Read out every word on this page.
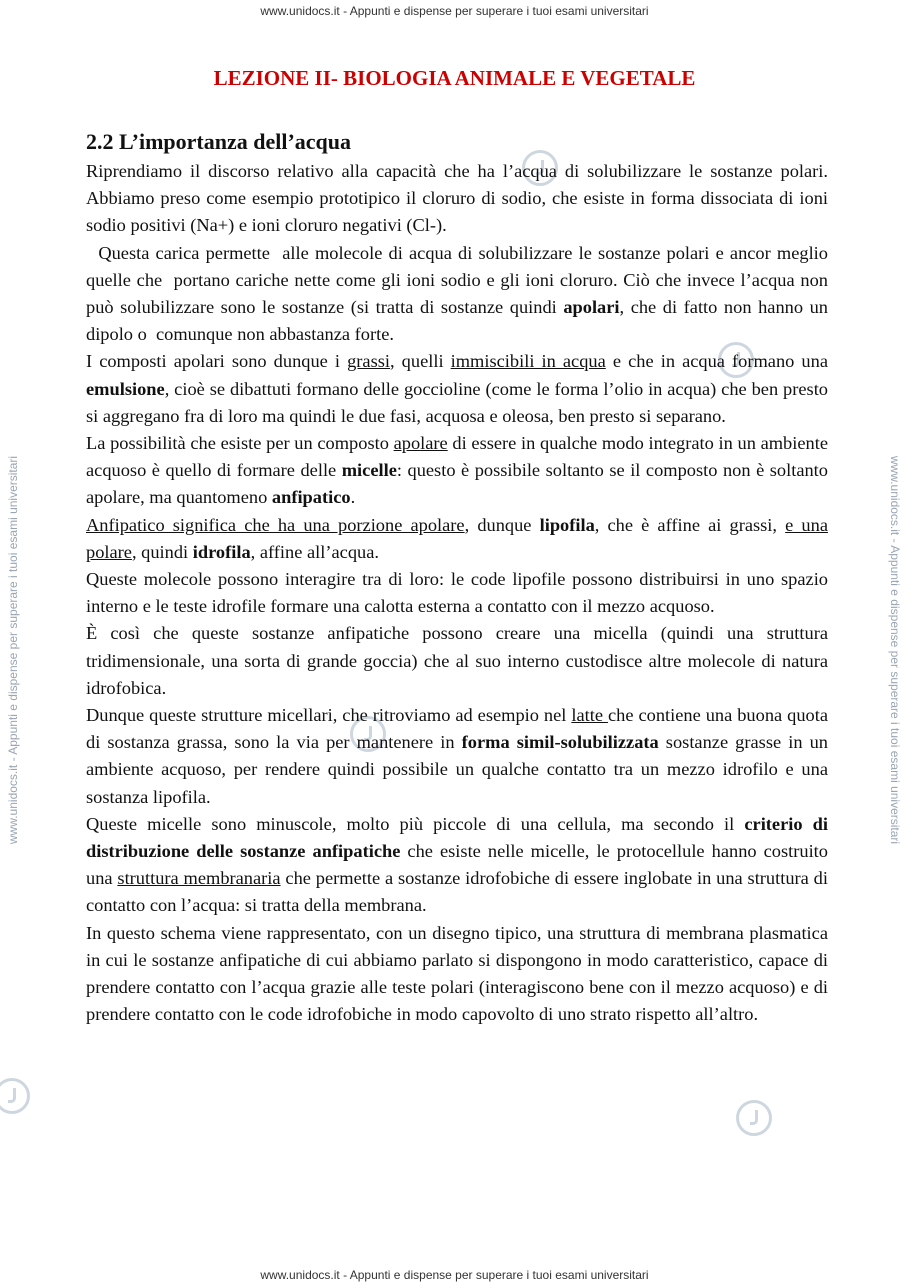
www.unidocs.it - Appunti e dispense per superare i tuoi esami universitari
www.unidocs.it - Appunti e dispense per superare i tuoi esami universitari
www.unidocs.it - Appunti e dispense per superare i tuoi esami universitari	www.unidocs.it - Appunti e dispense per superare i tuoi esami universitari
LEZIONE II- BIOLOGIA ANIMALE E VEGETALE
2.2 L’importanza dell’acqua

Riprendiamo il discorso relativo alla capacità che ha l’acqua di solubilizzare le sostanze polari. Abbiamo preso come esempio prototipico il cloruro di sodio, che esiste in forma dissociata di ioni sodio positivi (Na+) e ioni cloruro negativi (Cl-).

Questa carica permette  alle molecole di acqua di solubilizzare le sostanze polari e ancor meglio quelle che  portano cariche nette come gli ioni sodio e gli ioni cloruro. Ciò che invece l’acqua non può solubilizzare sono le sostanze (si tratta di sostanze quindi apolari, che di fatto non hanno un dipolo o  comunque non abbastanza forte.

I composti apolari sono dunque i grassi, quelli immiscibili in acqua e che in acqua formano una emulsione, cioè se dibattuti formano delle goccioline (come le forma l’olio in acqua) che ben presto si aggregano fra di loro ma quindi le due fasi, acquosa e oleosa, ben presto si separano.

La possibilità che esiste per un composto apolare di essere in qualche modo integrato in un ambiente acquoso è quello di formare delle micelle: questo è possibile soltanto se il composto non è soltanto apolare, ma quantomeno anfipatico.

Anfipatico significa che ha una porzione apolare, dunque lipofila, che è affine ai grassi, e una polare, quindi idrofila, affine all’acqua.

Queste molecole possono interagire tra di loro: le code lipofile possono distribuirsi in uno spazio interno e le teste idrofile formare una calotta esterna a contatto con il mezzo acquoso.

È così che queste sostanze anfipatiche possono creare una micella (quindi una struttura tridimensionale, una sorta di grande goccia) che al suo interno custodisce altre molecole di natura idrofobica.

Dunque queste strutture micellari, che ritroviamo ad esempio nel latte che contiene una buona quota di sostanza grassa, sono la via per mantenere in forma simil-solubilizzata sostanze grasse in un ambiente acquoso, per rendere quindi possibile un qualche contatto tra un mezzo idrofilo e una sostanza lipofila.

Queste micelle sono minuscole, molto più piccole di una cellula, ma secondo il criterio di distribuzione delle sostanze anfipatiche che esiste nelle micelle, le protocellule hanno costruito una struttura membranaria che permette a sostanze idrofobiche di essere inglobate in una struttura di contatto con l’acqua: si tratta della membrana.

In questo schema viene rappresentato, con un disegno tipico, una struttura di membrana plasmatica in cui le sostanze anfipatiche di cui abbiamo parlato si dispongono in modo caratteristico, capace di prendere contatto con l’acqua grazie alle teste polari (interagiscono bene con il mezzo acquoso) e di prendere contatto con le code idrofobiche in modo capovolto di uno strato rispetto all’altro.
